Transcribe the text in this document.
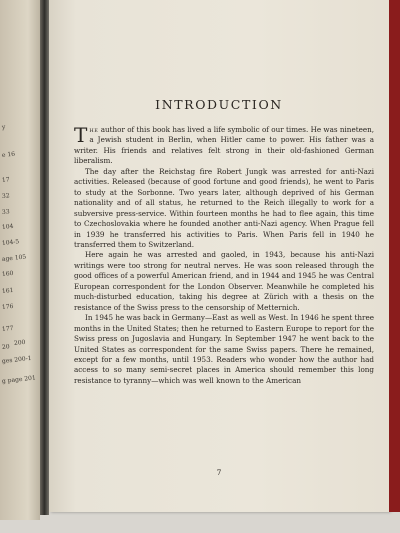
y
e 16
17
32
33
104
104-5
age 105
160
161
176
20
177
200
ges 200-1
g page 201
INTRODUCTION

The author of this book has lived a life symbolic of our times. He was nineteen, a Jewish student in Berlin, when Hitler came to power. His father was a writer. His friends and relatives felt strong in their old-fashioned German liberalism.

The day after the Reichstag fire Robert Jungk was arrested for anti-Nazi activities. Released (because of good fortune and good friends), he went to Paris to study at the Sorbonne. Two years later, although deprived of his German nationality and of all status, he returned to the Reich illegally to work for a subversive press-service. Within fourteen months he had to flee again, this time to Czechoslovakia where he founded another anti-Nazi agency. When Prague fell in 1939 he transferred his activities to Paris. When Paris fell in 1940 he transferred them to Switzerland.

Here again he was arrested and gaoled, in 1943, because his anti-Nazi writings were too strong for neutral nerves. He was soon released through the good offices of a powerful American friend, and in 1944 and 1945 he was Central European correspondent for the London Observer. Meanwhile he completed his much-disturbed education, taking his degree at Zürich with a thesis on the resistance of the Swiss press to the censorship of Metternich.

In 1945 he was back in Germany—East as well as West. In 1946 he spent three months in the United States; then he returned to Eastern Europe to report for the Swiss press on Jugoslavia and Hungary. In September 1947 he went back to the United States as correspondent for the same Swiss papers. There he remained, except for a few months, until 1953. Readers who wonder how the author had access to so many semi-secret places in America should remember this long resistance to tyranny—which was well known to the American

7
